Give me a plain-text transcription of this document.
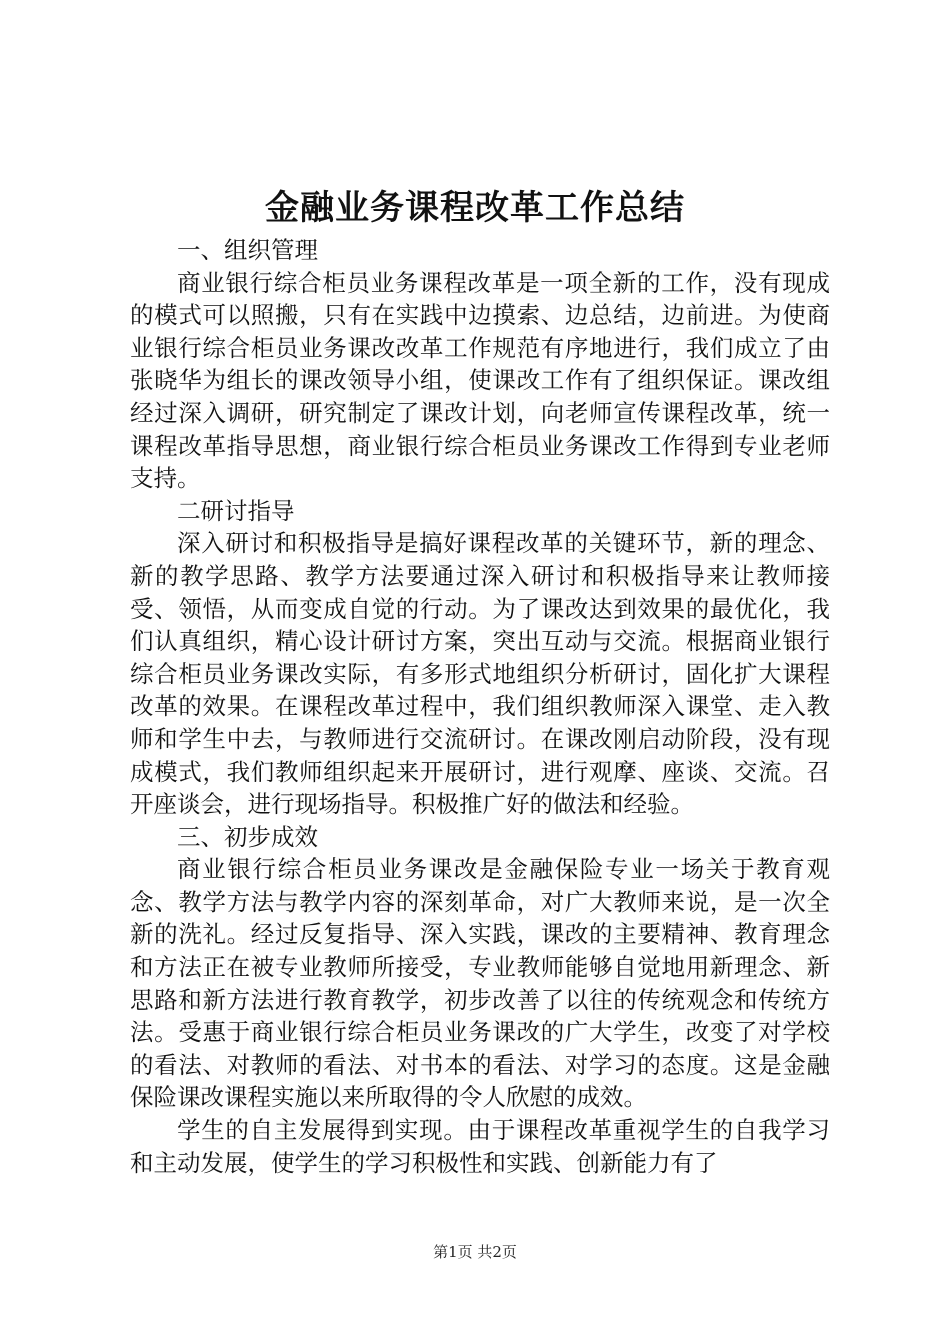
金融业务课程改革工作总结

一、组织管理

商业银行综合柜员业务课程改革是一项全新的工作，没有现成的模式可以照搬，只有在实践中边摸索、边总结，边前进。为使商业银行综合柜员业务课改改革工作规范有序地进行，我们成立了由张晓华为组长的课改领导小组，使课改工作有了组织保证。课改组经过深入调研，研究制定了课改计划，向老师宣传课程改革，统一课程改革指导思想，商业银行综合柜员业务课改工作得到专业老师支持。

二研讨指导

深入研讨和积极指导是搞好课程改革的关键环节，新的理念、新的教学思路、教学方法要通过深入研讨和积极指导来让教师接受、领悟，从而变成自觉的行动。为了课改达到效果的最优化，我们认真组织，精心设计研讨方案，突出互动与交流。根据商业银行综合柜员业务课改实际，有多形式地组织分析研讨，固化扩大课程改革的效果。在课程改革过程中，我们组织教师深入课堂、走入教师和学生中去，与教师进行交流研讨。在课改刚启动阶段，没有现成模式，我们教师组织起来开展研讨，进行观摩、座谈、交流。召开座谈会，进行现场指导。积极推广好的做法和经验。

三、初步成效

商业银行综合柜员业务课改是金融保险专业一场关于教育观念、教学方法与教学内容的深刻革命，对广大教师来说，是一次全新的洗礼。经过反复指导、深入实践，课改的主要精神、教育理念和方法正在被专业教师所接受，专业教师能够自觉地用新理念、新思路和新方法进行教育教学，初步改善了以往的传统观念和传统方法。受惠于商业银行综合柜员业务课改的广大学生，改变了对学校的看法、对教师的看法、对书本的看法、对学习的态度。这是金融保险课改课程实施以来所取得的令人欣慰的成效。

学生的自主发展得到实现。由于课程改革重视学生的自我学习和主动发展，使学生的学习积极性和实践、创新能力有了

第1页 共2页
